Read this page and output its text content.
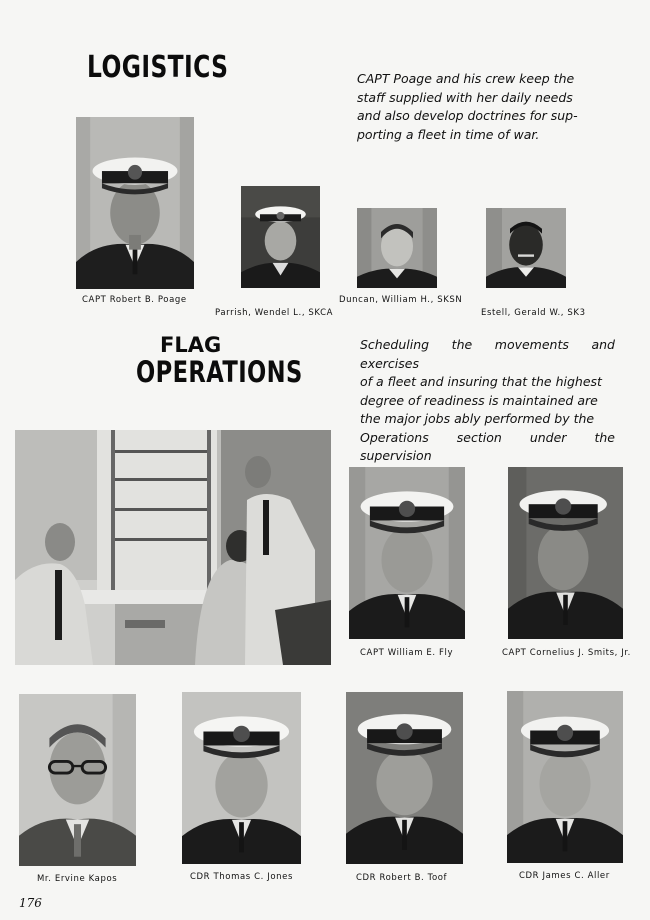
LOGISTICS	CAPT Poage and his crew keep the
staff supplied with her daily needs
and also develop doctrines for sup-
porting a fleet in time of war.
CAPT Robert B. Poage
Parrish, Wendel L., SKCA
Duncan, William H., SKSN
Estell, Gerald W., SK3
FLAG
OPERATIONS
Scheduling the movements and exercises
of a fleet and insuring that the highest
degree of readiness is maintained are
the major jobs ably performed by the
Operations section under the supervision
CAPT William E. Fly	CAPT Cornelius J. Smits, Jr.
Mr. Ervine Kapos	CDR Thomas C. Jones	CDR Robert B. Toof	CDR James C. Aller
176
